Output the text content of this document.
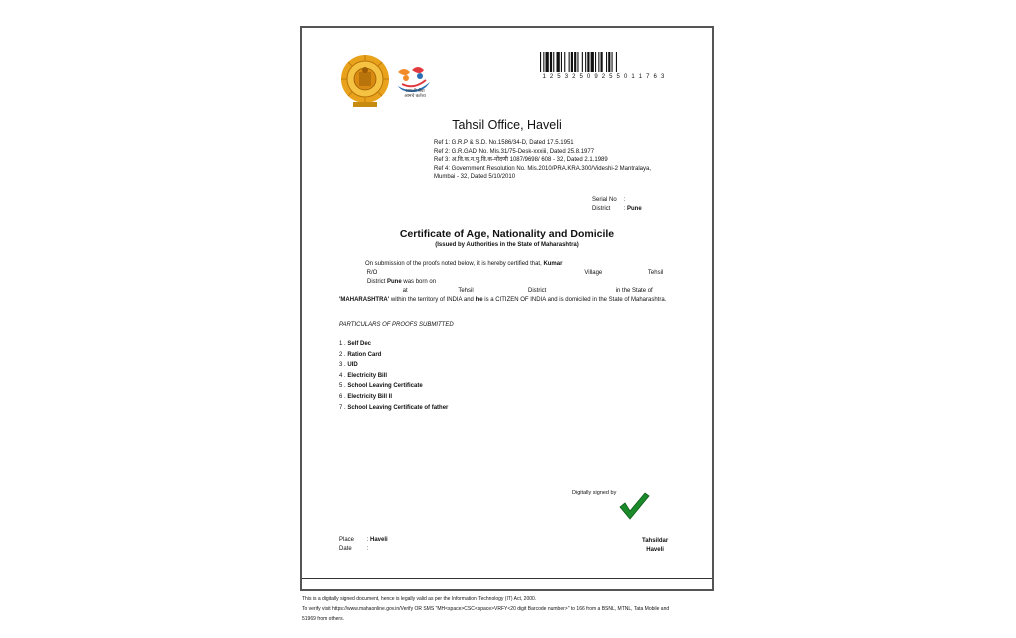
आपली सेवा
आमचे कर्तव्य
1 2 5 3 2 5 0 9 2 5 5 0 1 1 7 6 3
Tahsil Office, Haveli
Ref 1: G.R.P & S.D. No.1586/34-D, Dated 17.5.1951
Ref 2: G.R.GAD No. Mis.31/75-Desk-xxxiii, Dated 25.8.1977
Ref 3: अ.वि.क.न.पु.वि.क-नोंदणी 1087/9698/ 608 - 32, Dated 2.1.1989
Ref 4: Government Resolution No. Mis.2010/PRA.KRA.300/Videshi-2 Mantralaya,
Mumbai - 32, Dated 5/10/2010
Serial No :
District : Pune
Certificate of Age, Nationality and Domicile
(Issued by Authorities in the State of Maharashtra)
On submission of the proofs noted below, it is hereby certified that, Kumar
R/O	Village	Tehsil
District Pune was born on
at	Tehsil	District	in the State of
'MAHARASHTRA' within the territory of INDIA and he is a CITIZEN OF INDIA and is domiciled in the State of Maharashtra.
PARTICULARS OF PROOFS SUBMITTED
1 . Self Dec
2 . Ration Card
3 . UID
4 . Electricity Bill
5 . School Leaving Certificate
6 . Electricity Bill II
7 . School Leaving Certificate of father
Digitally signed by
Place : Haveli
Date :
Tahsildar
Haveli
This is a digitally signed document, hence is legally valid as per the Information Technology (IT) Act, 2000.
To verify visit https://www.mahaonline.gov.in/Verify OR SMS "MH<space>CSC<space>VRFY<20 digit Barcode number>" to 166 from a BSNL, MTNL, Tata Mobile and
51969 from others.
